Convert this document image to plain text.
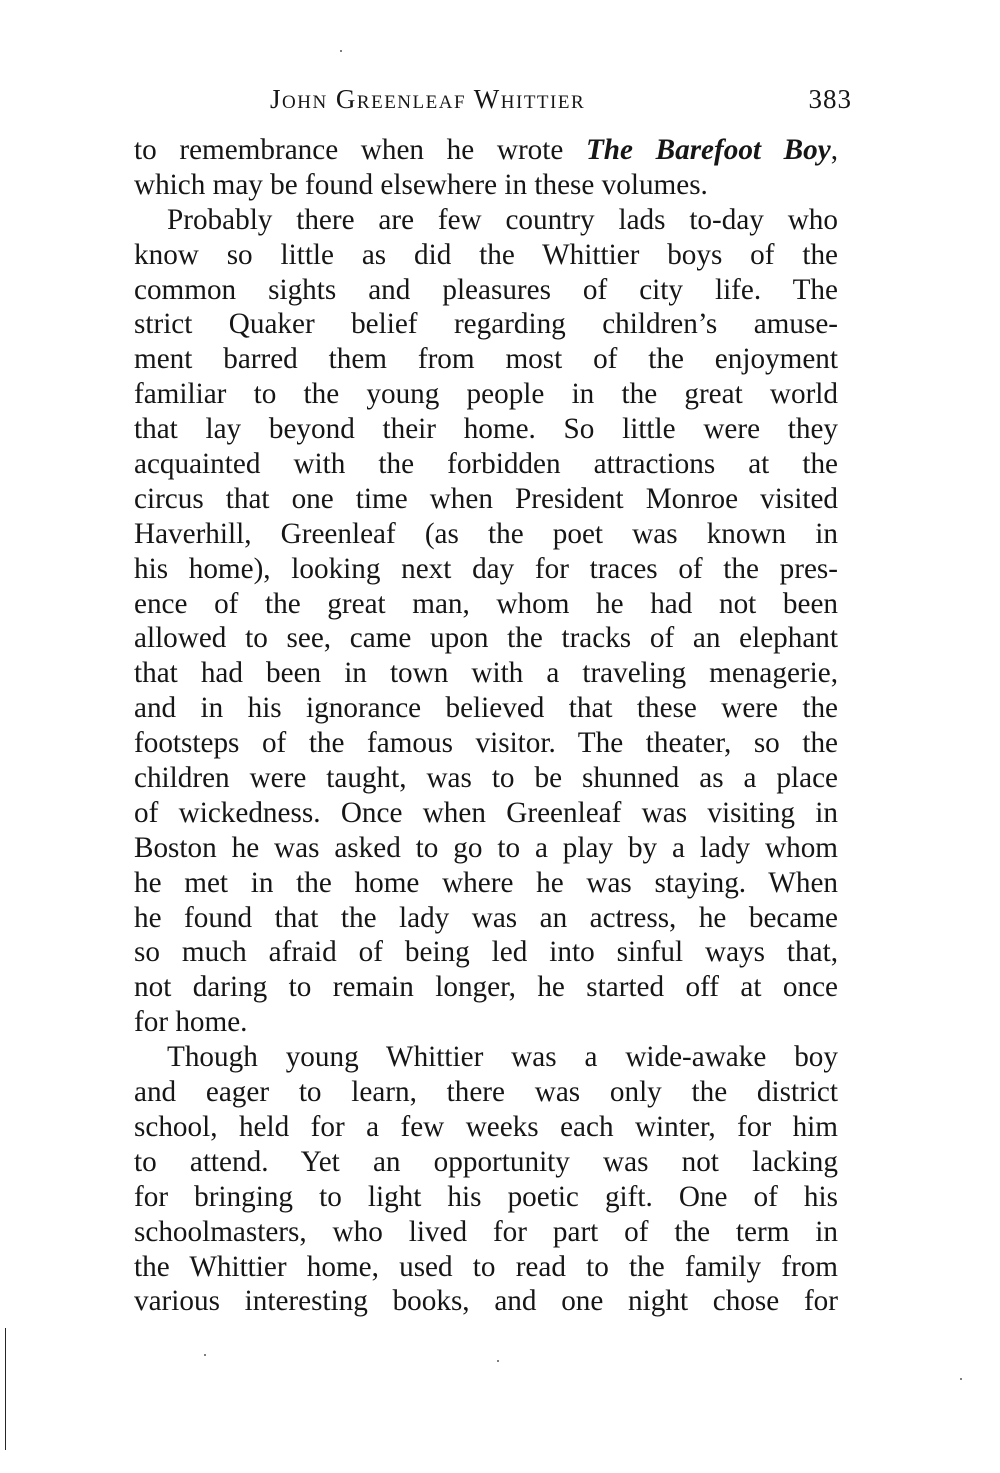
John Greenleaf Whittier	383
to remembrance when he wrote The Barefoot Boy,
which may be found elsewhere in these volumes.
Probably there are few country lads to-day who
know so little as did the Whittier boys of the
common sights and pleasures of city life. The
strict Quaker belief regarding children’s amuse-
ment barred them from most of the enjoyment
familiar to the young people in the great world
that lay beyond their home. So little were they
acquainted with the forbidden attractions at the
circus that one time when President Monroe visited
Haverhill, Greenleaf (as the poet was known in
his home), looking next day for traces of the pres-
ence of the great man, whom he had not been
allowed to see, came upon the tracks of an elephant
that had been in town with a traveling menagerie,
and in his ignorance believed that these were the
footsteps of the famous visitor. The theater, so the
children were taught, was to be shunned as a place
of wickedness. Once when Greenleaf was visiting in
Boston he was asked to go to a play by a lady whom
he met in the home where he was staying. When
he found that the lady was an actress, he became
so much afraid of being led into sinful ways that,
not daring to remain longer, he started off at once
for home.
Though young Whittier was a wide-awake boy
and eager to learn, there was only the district
school, held for a few weeks each winter, for him
to attend. Yet an opportunity was not lacking
for bringing to light his poetic gift. One of his
schoolmasters, who lived for part of the term in
the Whittier home, used to read to the family from
various interesting books, and one night chose for
